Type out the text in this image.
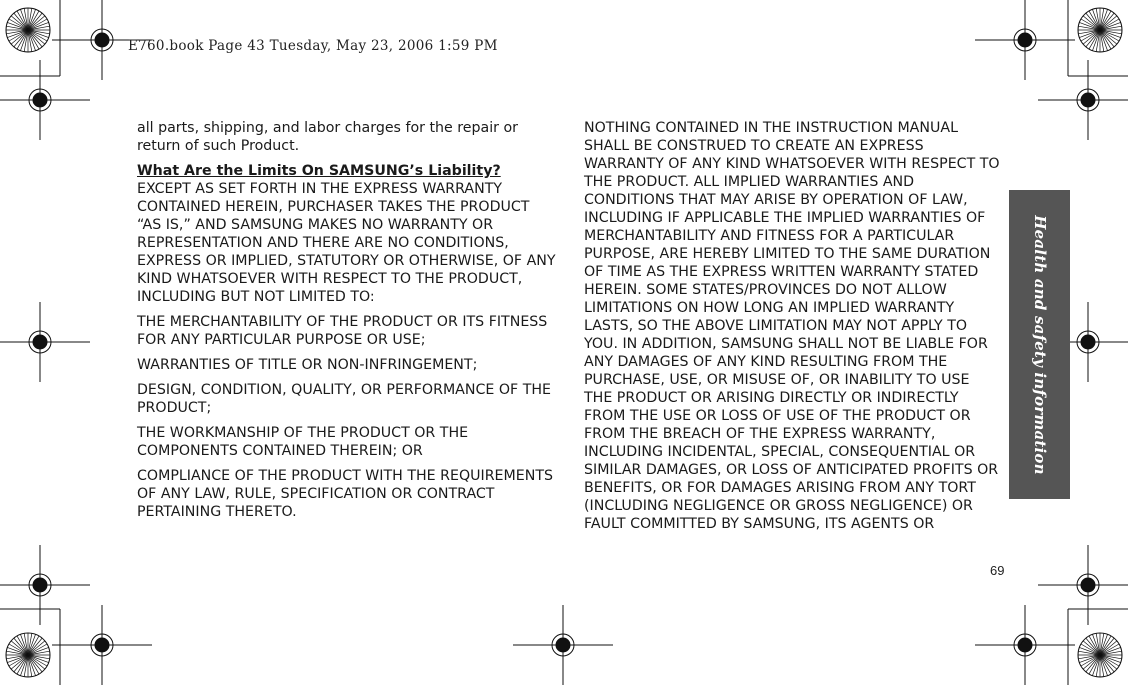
E760.book Page 43 Tuesday, May 23, 2006 1:59 PM

all parts, shipping, and labor charges for the repair or return of such Product.

What Are the Limits On SAMSUNG’s Liability?

EXCEPT AS SET FORTH IN THE EXPRESS WARRANTY CONTAINED HEREIN, PURCHASER TAKES THE PRODUCT “AS IS,” AND SAMSUNG MAKES NO WARRANTY OR REPRESENTATION AND THERE ARE NO CONDITIONS, EXPRESS OR IMPLIED, STATUTORY OR OTHERWISE, OF ANY KIND WHATSOEVER WITH RESPECT TO THE PRODUCT, INCLUDING BUT NOT LIMITED TO:

THE MERCHANTABILITY OF THE PRODUCT OR ITS FITNESS FOR ANY PARTICULAR PURPOSE OR USE;

WARRANTIES OF TITLE OR NON-INFRINGEMENT;

DESIGN, CONDITION, QUALITY, OR PERFORMANCE OF THE PRODUCT;

THE WORKMANSHIP OF THE PRODUCT OR THE COMPONENTS CONTAINED THEREIN; OR

COMPLIANCE OF THE PRODUCT WITH THE REQUIREMENTS OF ANY LAW, RULE, SPECIFICATION OR CONTRACT PERTAINING THERETO.

NOTHING CONTAINED IN THE INSTRUCTION MANUAL SHALL BE CONSTRUED TO CREATE AN EXPRESS WARRANTY OF ANY KIND WHATSOEVER WITH RESPECT TO THE PRODUCT. ALL IMPLIED WARRANTIES AND CONDITIONS THAT MAY ARISE BY OPERATION OF LAW, INCLUDING IF APPLICABLE THE IMPLIED WARRANTIES OF MERCHANTABILITY AND FITNESS FOR A PARTICULAR PURPOSE, ARE HEREBY LIMITED TO THE SAME DURATION OF TIME AS THE EXPRESS WRITTEN WARRANTY STATED HEREIN. SOME STATES/PROVINCES DO NOT ALLOW LIMITATIONS ON HOW LONG AN IMPLIED WARRANTY LASTS, SO THE ABOVE LIMITATION MAY NOT APPLY TO YOU. IN ADDITION, SAMSUNG SHALL NOT BE LIABLE FOR ANY DAMAGES OF ANY KIND RESULTING FROM THE PURCHASE, USE, OR MISUSE OF, OR INABILITY TO USE THE PRODUCT OR ARISING DIRECTLY OR INDIRECTLY FROM THE USE OR LOSS OF USE OF THE PRODUCT OR FROM THE BREACH OF THE EXPRESS WARRANTY, INCLUDING INCIDENTAL, SPECIAL, CONSEQUENTIAL OR SIMILAR DAMAGES, OR LOSS OF ANTICIPATED PROFITS OR BENEFITS, OR FOR DAMAGES ARISING FROM ANY TORT (INCLUDING NEGLIGENCE OR GROSS NEGLIGENCE) OR FAULT COMMITTED BY SAMSUNG, ITS AGENTS OR

Health and safety information
69
